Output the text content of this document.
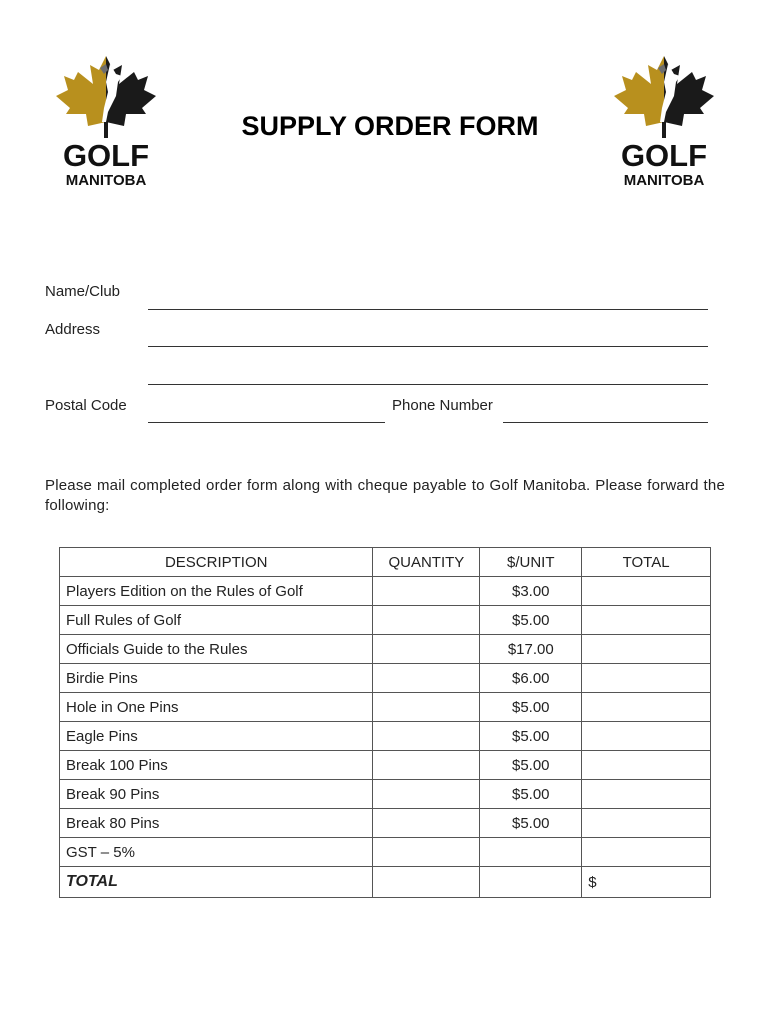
GOLF
MANITOBA
SUPPLY ORDER FORM
GOLF
MANITOBA
Name/Club
Address
Postal Code	Phone Number
Please mail completed order form along with cheque payable to Golf Manitoba. Please forward the following:
DESCRIPTION	QUANTITY	$/UNIT	TOTAL
Players Edition on the Rules of Golf		$3.00	
Full Rules of Golf		$5.00	
Officials Guide to the Rules		$17.00	
Birdie Pins		$6.00	
Hole in One Pins		$5.00	
Eagle Pins		$5.00	
Break 100 Pins		$5.00	
Break 90 Pins		$5.00	
Break 80 Pins		$5.00	
GST – 5%			
TOTAL			$
